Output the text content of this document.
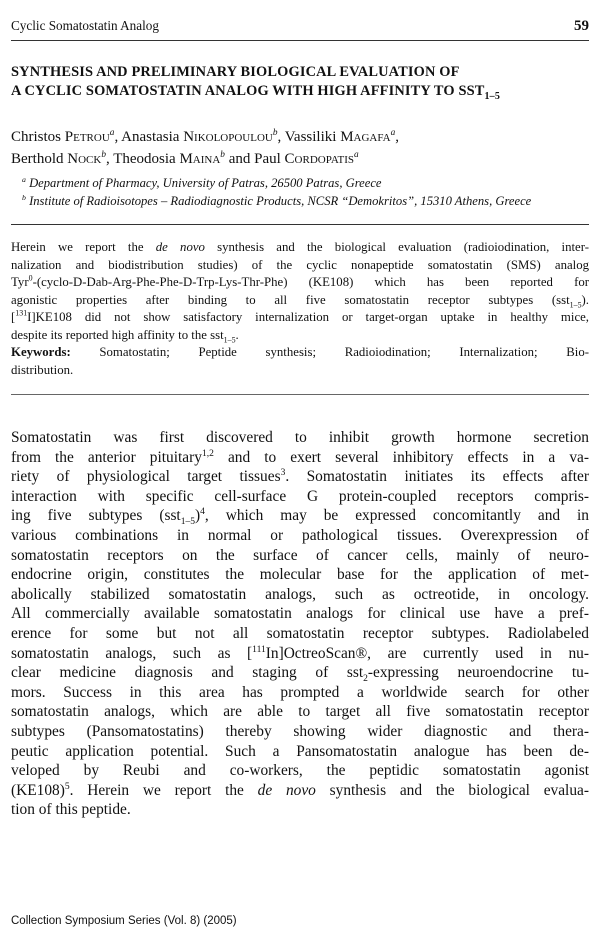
Cyclic Somatostatin Analog	59
SYNTHESIS AND PRELIMINARY BIOLOGICAL EVALUATION OF
A CYCLIC SOMATOSTATIN ANALOG WITH HIGH AFFINITY TO $SST_{1-5}$

Christos Petrou$^a$, Anastasia Nikolopoulou$^b$, Vassiliki Magafa$^a$,
Berthold Nock$^b$, Theodosia Maina$^b$ and Paul Cordopatis$^a$

$^a$ Department of Pharmacy, University of Patras, 26500 Patras, Greece
$^b$ Institute of Radioisotopes – Radiodiagnostic Products, NCSR “Demokritos”, 15310 Athens, Greece

Herein we report the de novo synthesis and the biological evaluation (radioiodination, inter-
nalization and biodistribution studies) of the cyclic nonapeptide somatostatin (SMS) analog
Tyr$^0$-(cyclo-D-Dab-Arg-Phe-Phe-D-Trp-Lys-Thr-Phe) (KE108) which has been reported for
agonistic properties after binding to all five somatostatin receptor subtypes (sst$_{1-5}$).
[$^{131}$I]KE108 did not show satisfactory internalization or target-organ uptake in healthy mice,
despite its reported high affinity to the sst$_{1-5}$.
Keywords: Somatostatin; Peptide synthesis; Radioiodination; Internalization; Bio-
distribution.
Somatostatin was first discovered to inhibit growth hormone secretion
from the anterior pituitary$^{1,2}$ and to exert several inhibitory effects in a va-
riety of physiological target tissues$^3$. Somatostatin initiates its effects after
interaction with specific cell-surface G protein-coupled receptors compris-
ing five subtypes $(sst_{1-5})^4$, which may be expressed concomitantly and in
various combinations in normal or pathological tissues. Overexpression of
somatostatin receptors on the surface of cancer cells, mainly of neuro-
endocrine origin, constitutes the molecular base for the application of met-
abolically stabilized somatostatin analogs, such as octreotide, in oncology.
All commercially available somatostatin analogs for clinical use have a pref-
erence for some but not all somatostatin receptor subtypes. Radiolabeled
somatostatin analogs, such as [$^{111}$In]OctreoScan®, are currently used in nu-
clear medicine diagnosis and staging of sst$_2$-expressing neuroendocrine tu-
mors. Success in this area has prompted a worldwide search for other
somatostatin analogs, which are able to target all five somatostatin receptor
subtypes (Pansomatostatins) thereby showing wider diagnostic and thera-
peutic application potential. Such a Pansomatostatin analogue has been de-
veloped by Reubi and co-workers, the peptidic somatostatin agonist
$(KE108)^5$. Herein we report the de novo synthesis and the biological evalua-
tion of this peptide.
Collection Symposium Series (Vol. 8) (2005)
